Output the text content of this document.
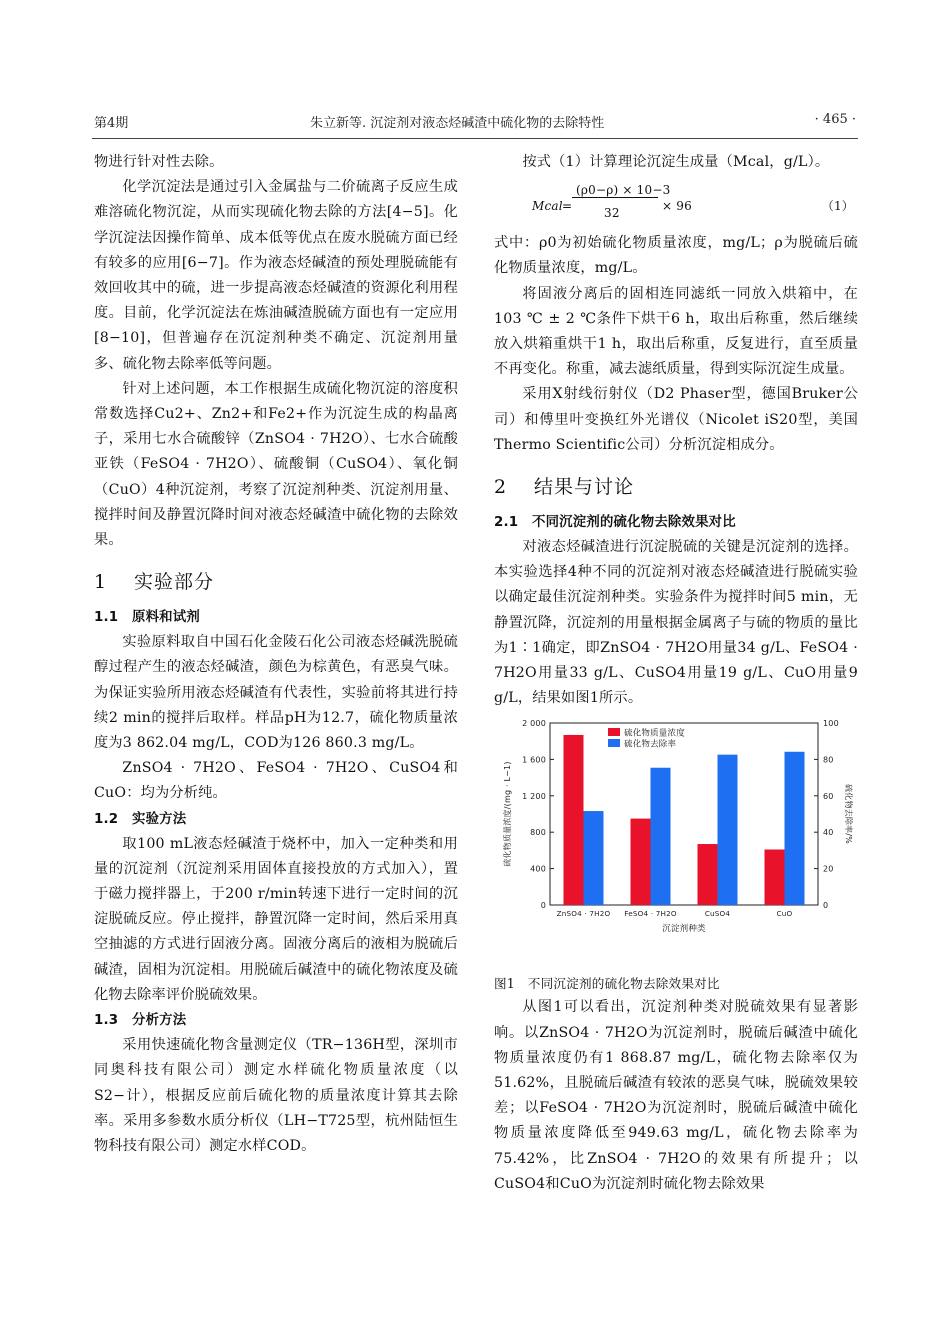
第4期	朱立新等. 沉淀剂对液态烃碱渣中硫化物的去除特性	· 465 ·

物进行针对性去除。

化学沉淀法是通过引入金属盐与二价硫离子反应生成难溶硫化物沉淀，从而实现硫化物去除的方法[4−5]。化学沉淀法因操作简单、成本低等优点在废水脱硫方面已经有较多的应用[6−7]。作为液态烃碱渣的预处理脱硫能有效回收其中的硫，进一步提高液态烃碱渣的资源化利用程度。目前，化学沉淀法在炼油碱渣脱硫方面也有一定应用[8−10]，但普遍存在沉淀剂种类不确定、沉淀剂用量多、硫化物去除率低等问题。

针对上述问题，本工作根据生成硫化物沉淀的溶度积常数选择Cu2+、Zn2+和Fe2+作为沉淀生成的构晶离子，采用七水合硫酸锌（ZnSO4 · 7H2O）、七水合硫酸亚铁（FeSO4 · 7H2O）、硫酸铜（CuSO4）、氧化铜（CuO）4种沉淀剂，考察了沉淀剂种类、沉淀剂用量、搅拌时间及静置沉降时间对液态烃碱渣中硫化物的去除效果。

1 实验部分
1.1 原料和试剂

实验原料取自中国石化金陵石化公司液态烃碱洗脱硫醇过程产生的液态烃碱渣，颜色为棕黄色，有恶臭气味。为保证实验所用液态烃碱渣有代表性，实验前将其进行持续2 min的搅拌后取样。样品pH为12.7，硫化物质量浓度为3 862.04 mg/L，COD为126 860.3 mg/L。

ZnSO4 · 7H2O、FeSO4 · 7H2O、CuSO4和CuO：均为分析纯。

1.2 实验方法

取100 mL液态烃碱渣于烧杯中，加入一定种类和用量的沉淀剂（沉淀剂采用固体直接投放的方式加入），置于磁力搅拌器上，于200 r/min转速下进行一定时间的沉淀脱硫反应。停止搅拌，静置沉降一定时间，然后采用真空抽滤的方式进行固液分离。固液分离后的液相为脱硫后碱渣，固相为沉淀相。用脱硫后碱渣中的硫化物浓度及硫化物去除率评价脱硫效果。

1.3 分析方法

采用快速硫化物含量测定仪（TR−136H型，深圳市同奥科技有限公司）测定水样硫化物质量浓度（以S2−计），根据反应前后硫化物的质量浓度计算其去除率。采用多参数水质分析仪（LH−T725型，杭州陆恒生物科技有限公司）测定水样COD。

按式（1）计算理论沉淀生成量（Mcal，g/L）。

Mcal =
(ρ0−ρ) × 10−3
32	× 96	（1）

式中：ρ0为初始硫化物质量浓度，mg/L；ρ为脱硫后硫化物质量浓度，mg/L。

将固液分离后的固相连同滤纸一同放入烘箱中，在103 ℃ ± 2 ℃条件下烘干6 h，取出后称重，然后继续放入烘箱重烘干1 h，取出后称重，反复进行，直至质量不再变化。称重，减去滤纸质量，得到实际沉淀生成量。

采用X射线衍射仪（D2 Phaser型，德国Bruker公司）和傅里叶变换红外光谱仪（Nicolet iS20型，美国Thermo Scientific公司）分析沉淀相成分。

2 结果与讨论
2.1 不同沉淀剂的硫化物去除效果对比

对液态烃碱渣进行沉淀脱硫的关键是沉淀剂的选择。本实验选择4种不同的沉淀剂对液态烃碱渣进行脱硫实验以确定最佳沉淀剂种类。实验条件为搅拌时间5 min，无静置沉降，沉淀剂的用量根据金属离子与硫的物质的量比为1∶1确定，即ZnSO4 · 7H2O用量34 g/L、FeSO4 · 7H2O用量33 g/L、CuSO4用量19 g/L、CuO用量9 g/L，结果如图1所示。

0
400
800
1 200
1 600
2 000
0
20
40
60
80
100
ZnSO4 · 7H2O FeSO4 · 7H2O	CuSO4	CuO
沉淀剂种类
硫化物质量浓度/(mg · L−1)	硫化物去除率/%
硫化物质量浓度
硫化物去除率

图1　不同沉淀剂的硫化物去除效果对比

从图1可以看出，沉淀剂种类对脱硫效果有显著影响。以ZnSO4 · 7H2O为沉淀剂时，脱硫后碱渣中硫化物质量浓度仍有1 868.87 mg/L，硫化物去除率仅为51.62%，且脱硫后碱渣有较浓的恶臭气味，脱硫效果较差；以FeSO4 · 7H2O为沉淀剂时，脱硫后碱渣中硫化物质量浓度降低至949.63 mg/L，硫化物去除率为75.42%，比ZnSO4 · 7H2O的效果有所提升；以CuSO4和CuO为沉淀剂时硫化物去除效果
